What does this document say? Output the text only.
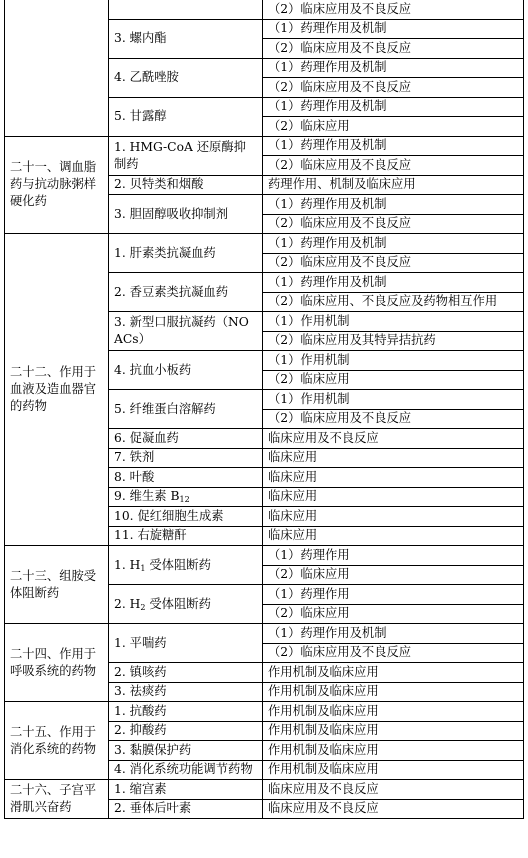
		（2）临床应用及不良反应
	3. 螺内酯	（1）药理作用及机制
		（2）临床应用及不良反应
	4. 乙酰唑胺	（1）药理作用及机制
		（2）临床应用及不良反应
	5. 甘露醇	（1）药理作用及机制
		（2）临床应用
二十一、调血脂药与抗动脉粥样硬化药	1. HMG-CoA 还原酶抑制药	（1）药理作用及机制
		（2）临床应用及不良反应
	2. 贝特类和烟酸	药理作用、机制及临床应用
	3. 胆固醇吸收抑制剂	（1）药理作用及机制
		（2）临床应用及不良反应
二十二、作用于血液及造血器官的药物	1. 肝素类抗凝血药	（1）药理作用及机制
		（2）临床应用及不良反应
	2. 香豆素类抗凝血药	（1）药理作用及机制
		（2）临床应用、不良反应及药物相互作用
	3. 新型口服抗凝药（NOACs）	（1）作用机制
		（2）临床应用及其特异拮抗药
	4. 抗血小板药	（1）作用机制
		（2）临床应用
	5. 纤维蛋白溶解药	（1）作用机制
		（2）临床应用及不良反应
	6. 促凝血药	临床应用及不良反应
	7. 铁剂	临床应用
	8. 叶酸	临床应用
	9. 维生素 $B_{12}$	临床应用
	10. 促红细胞生成素	临床应用
	11. 右旋糖酐	临床应用
二十三、组胺受体阻断药	1. $H_1$ 受体阻断药	（1）药理作用
		（2）临床应用
	2. $H_2$ 受体阻断药	（1）药理作用
		（2）临床应用
二十四、作用于呼吸系统的药物	1. 平喘药	（1）药理作用及机制
		（2）临床应用及不良反应
	2. 镇咳药	作用机制及临床应用
	3. 祛痰药	作用机制及临床应用
二十五、作用于消化系统的药物	1. 抗酸药	作用机制及临床应用
	2. 抑酸药	作用机制及临床应用
	3. 黏膜保护药	作用机制及临床应用
	4. 消化系统功能调节药物	作用机制及临床应用
二十六、子宫平滑肌兴奋药	1. 缩宫素	临床应用及不良反应
	2. 垂体后叶素	临床应用及不良反应
